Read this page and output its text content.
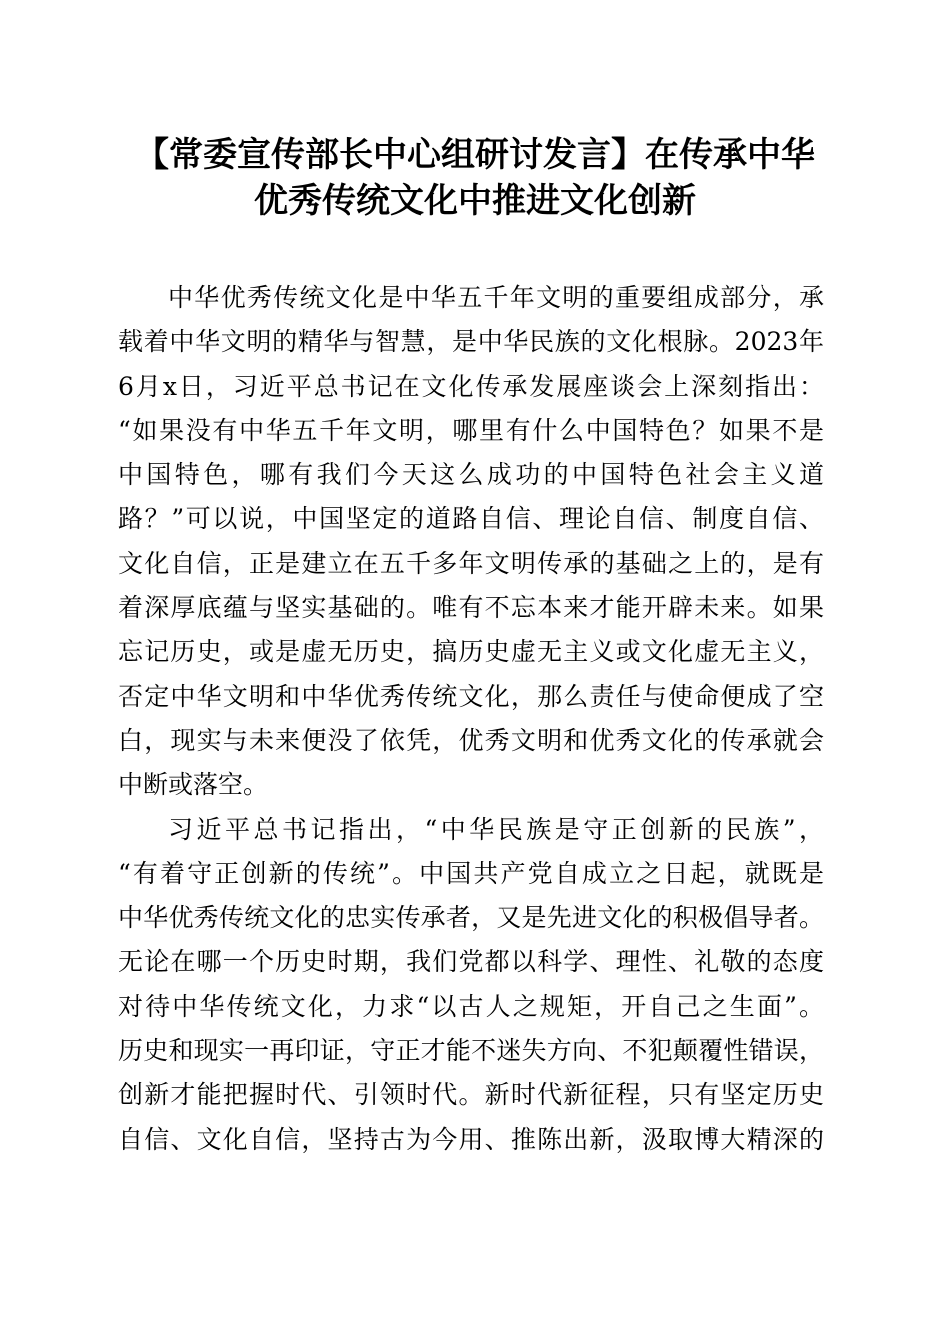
【常委宣传部长中心组研讨发言】在传承中华
优秀传统文化中推进文化创新
中华优秀传统文化是中华五千年文明的重要组成部分，承
载着中华文明的精华与智慧，是中华民族的文化根脉。2023年
6月x日，习近平总书记在文化传承发展座谈会上深刻指出：
“如果没有中华五千年文明，哪里有什么中国特色？如果不是
中国特色，哪有我们今天这么成功的中国特色社会主义道
路？”可以说，中国坚定的道路自信、理论自信、制度自信、
文化自信，正是建立在五千多年文明传承的基础之上的，是有
着深厚底蕴与坚实基础的。唯有不忘本来才能开辟未来。如果
忘记历史，或是虚无历史，搞历史虚无主义或文化虚无主义，
否定中华文明和中华优秀传统文化，那么责任与使命便成了空
白，现实与未来便没了依凭，优秀文明和优秀文化的传承就会
中断或落空。
习近平总书记指出，“中华民族是守正创新的民族”，
“有着守正创新的传统”。中国共产党自成立之日起，就既是
中华优秀传统文化的忠实传承者，又是先进文化的积极倡导者。
无论在哪一个历史时期，我们党都以科学、理性、礼敬的态度
对待中华传统文化，力求“以古人之规矩，开自己之生面”。
历史和现实一再印证，守正才能不迷失方向、不犯颠覆性错误，
创新才能把握时代、引领时代。新时代新征程，只有坚定历史
自信、文化自信，坚持古为今用、推陈出新，汲取博大精深的
